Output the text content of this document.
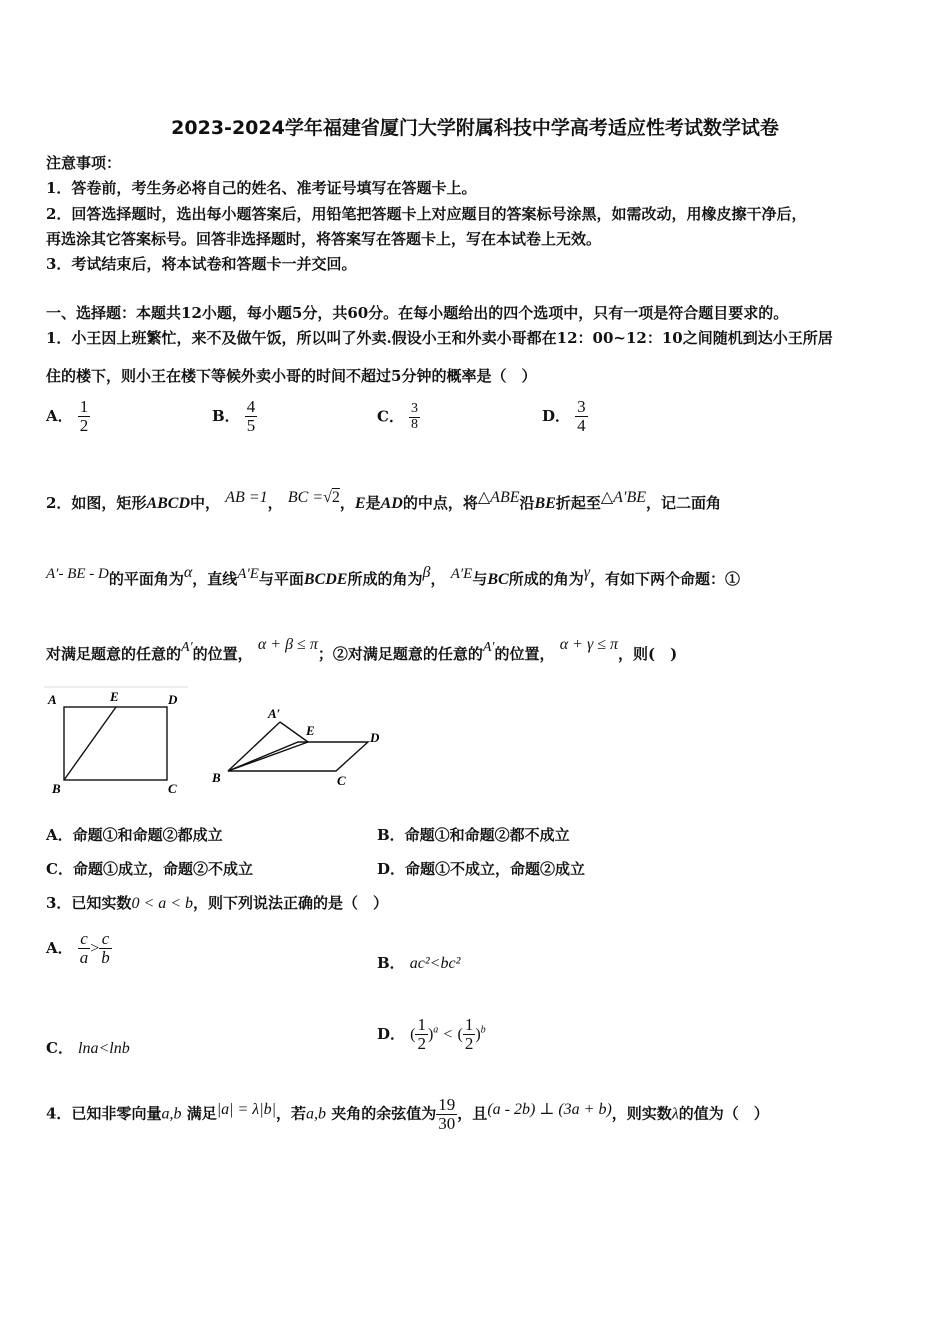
2023-2024学年福建省厦门大学附属科技中学高考适应性考试数学试卷
注意事项：
1．答卷前，考生务必将自己的姓名、准考证号填写在答题卡上。
2．回答选择题时，选出每小题答案后，用铅笔把答题卡上对应题目的答案标号涂黑，如需改动，用橡皮擦干净后，
再选涂其它答案标号。回答非选择题时，将答案写在答题卡上，写在本试卷上无效。
3．考试结束后，将本试卷和答题卡一并交回。
一、选择题：本题共12小题，每小题5分，共60分。在每小题给出的四个选项中，只有一项是符合题目要求的。
1．小王因上班繁忙，来不及做午饭，所以叫了外卖.假设小王和外卖小哥都在12：00~12：10之间随机到达小王所居
住的楼下，则小王在楼下等候外卖小哥的时间不超过5分钟的概率是（　）
A． $\frac{1}{2}$	B． $\frac{4}{5}$	C． $\frac{3}{8}$	D． $\frac{3}{4}$
2．如图，矩形ABCD中， AB =1， BC =√2，E是AD的中点，将△ABE沿BE折起至△A′BE，记二面角
A′- BE - D的平面角为α，直线A′E与平面BCDE所成的角为β， A′E与BC所成的角为γ，有如下两个命题：①
对满足题意的任意的A′的位置， α + β ≤ π；②对满足题意的任意的A′的位置， α + γ ≤ π，则(　)
A	E	D
B	C
A′
E	D
B	C
A．命题①和命题②都成立	B．命题①和命题②都不成立
C．命题①成立，命题②不成立	D．命题①不成立，命题②成立
3．已知实数0 < a < b，则下列说法正确的是（　）
A． $\frac{c}{a} > \frac{c}{b}$	B． ac²<bc²
C． lna<lnb
D． ( $\frac{1}{2} )^a$ < ( $\frac{1}{2} )^b$
4．已知非零向量a,b 满足|a| = λ|b|，若a,b 夹角的余弦值为 $\frac{19}{30}$ ，且(a - 2b) ⊥ (3a + b)，则实数λ的值为（　）
